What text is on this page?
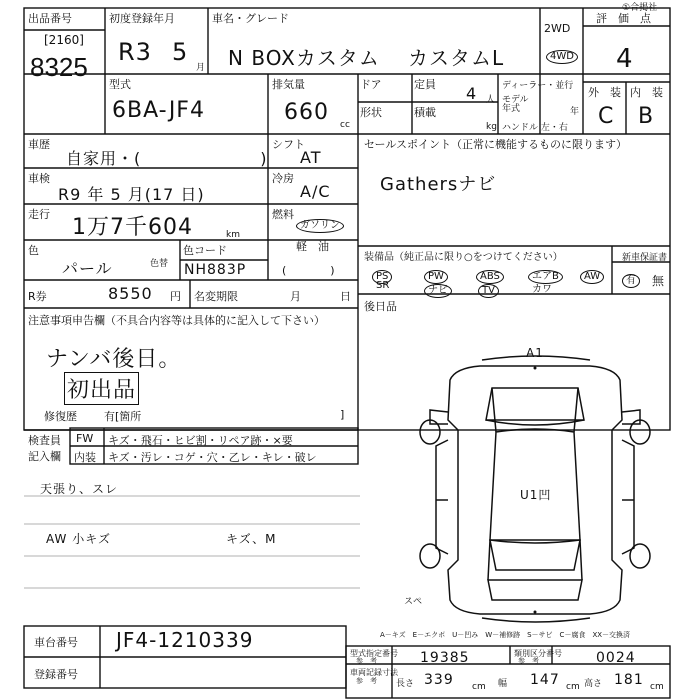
出品番号
[2160]
8325
初度登録年月
R3 5
月
車名・グレード
N BOXカスタム カスタムL
2WD
4WD
評　価　点
4
①合掲社
型式
6BA-JF4
排気量
660 cc
ドア	定員 4 人
形状	積載
kg
ディーラー・並行
モデル年式	年
ハンドル 左・右
外　装 内　装
C B
車歴
自家用・(　　　　　　　)
シフト
AT
車検
R9 年 5 月(17 日)
冷房
A/C
走行
1万7千604	km
燃料
ガソリン
軽　油
(　　　　)
色
パール
色コード
色替 NH883P
R券	8550 円 名変期限	月	日
注意事項申告欄（不具合内容等は具体的に記入して下さい）
ナンバ後日。
初出品
修復歴 有[箇所	]
セールスポイント（正常に機能するものに限ります）
Gathersナビ
装備品（純正品に限り○をつけてください）	新車保証書
有	無
PS	PW	ABS	エアB	AW
SR	ナビ	TV	カワ
後日品
A1
U1凹
スペ
A－キズ　E－エクボ　U－凹み　W－補修跡　S－サビ　C－腐食　XX－交換済
検査員
記入欄
FW キズ・飛石・ヒビ割・リペア跡・×要
内装 キズ・汚レ・コゲ・穴・乙レ・キレ・破レ
天張り、スレ
AW 小キズ	キズ、M
車台番号 JF4-1210339
登録番号
型式指定番号
参　考	19385	類別区分番号
参　考	0024
車両記録寸法
参　考 長さ 339 cm 幅 147 cm 高さ 181 cm
